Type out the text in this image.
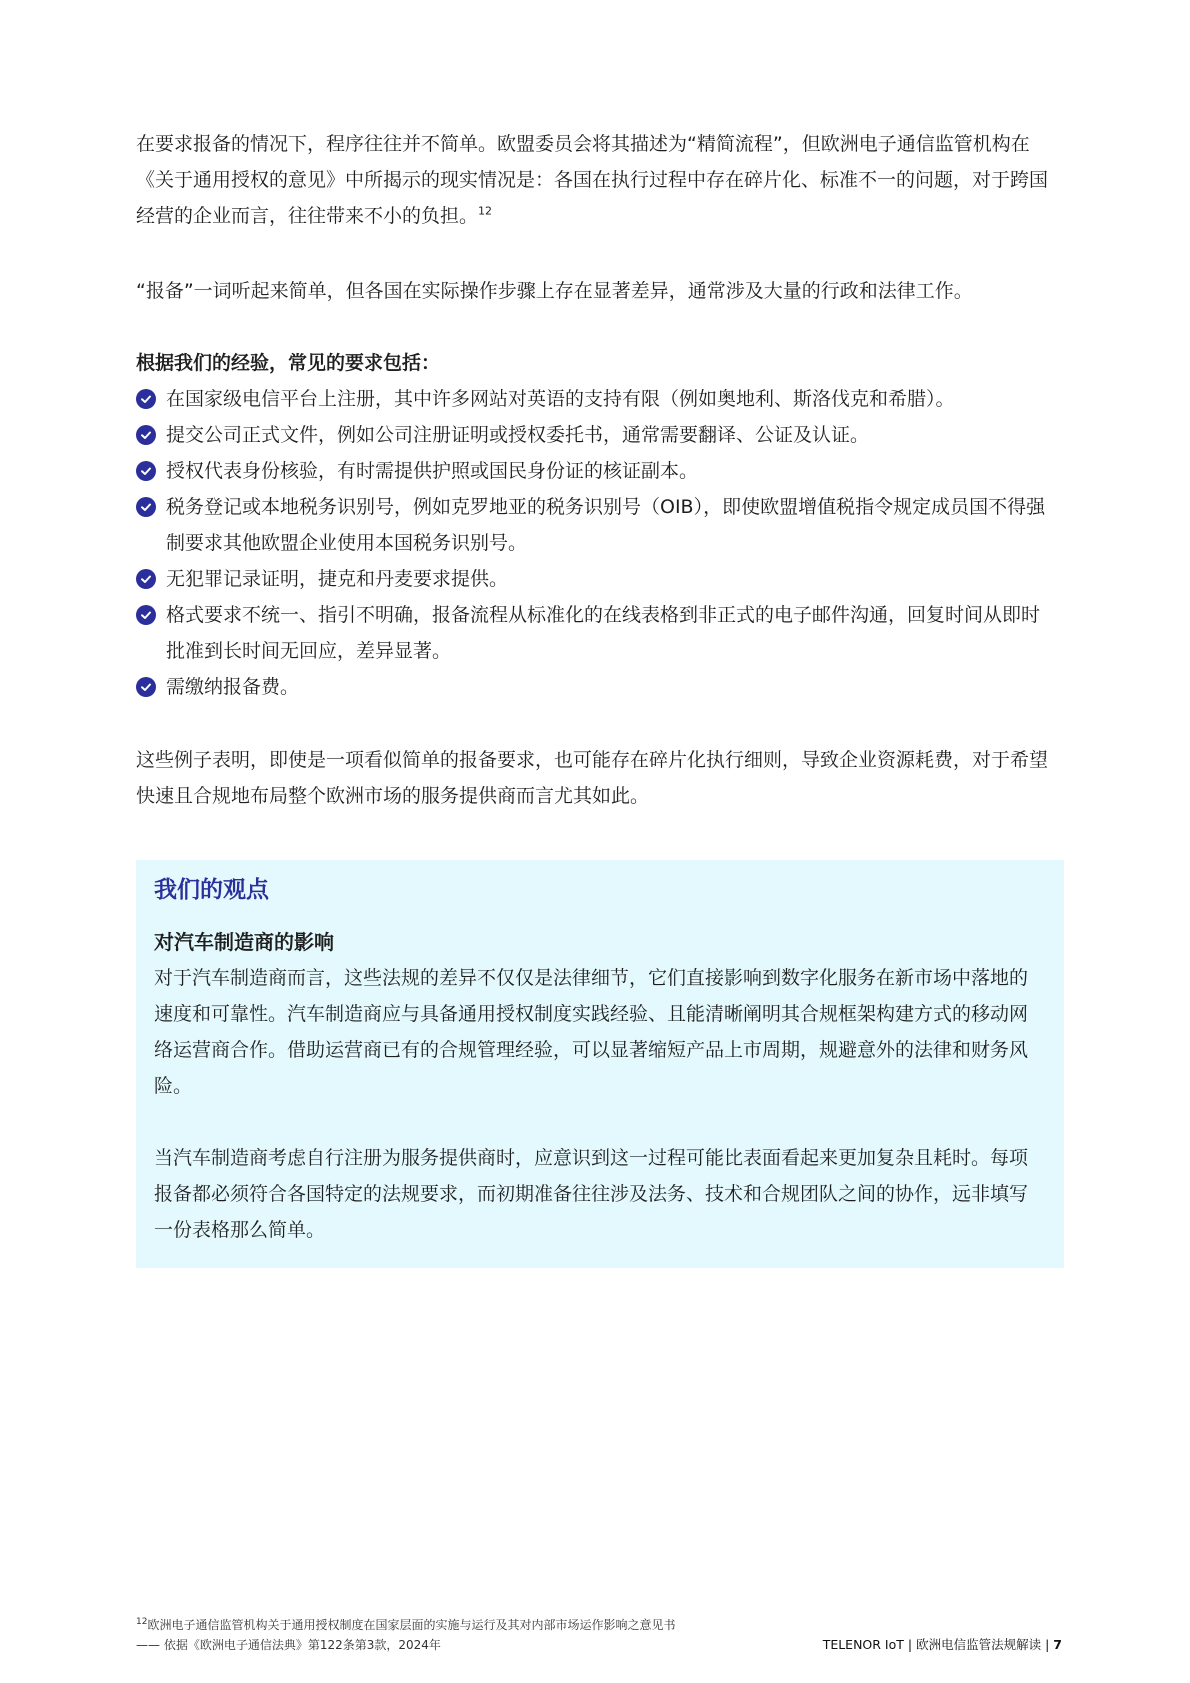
在要求报备的情况下，程序往往并不简单。欧盟委员会将其描述为“精简流程”，但欧洲电子通信监管机构在《关于通用授权的意见》中所揭示的现实情况是：各国在执行过程中存在碎片化、标准不一的问题，对于跨国经营的企业而言，往往带来不小的负担。$^{12}$

“报备”一词听起来简单，但各国在实际操作步骤上存在显著差异，通常涉及大量的行政和法律工作。

根据我们的经验，常见的要求包括：

在国家级电信平台上注册，其中许多网站对英语的支持有限（例如奥地利、斯洛伐克和希腊）。
提交公司正式文件，例如公司注册证明或授权委托书，通常需要翻译、公证及认证。
授权代表身份核验，有时需提供护照或国民身份证的核证副本。
税务登记或本地税务识别号，例如克罗地亚的税务识别号（OIB），即使欧盟增值税指令规定成员国不得强制要求其他欧盟企业使用本国税务识别号。
无犯罪记录证明，捷克和丹麦要求提供。
格式要求不统一、指引不明确，报备流程从标准化的在线表格到非正式的电子邮件沟通，回复时间从即时批准到长时间无回应，差异显著。
需缴纳报备费。

这些例子表明，即使是一项看似简单的报备要求，也可能存在碎片化执行细则，导致企业资源耗费，对于希望快速且合规地布局整个欧洲市场的服务提供商而言尤其如此。

我们的观点

对汽车制造商的影响

对于汽车制造商而言，这些法规的差异不仅仅是法律细节，它们直接影响到数字化服务在新市场中落地的速度和可靠性。汽车制造商应与具备通用授权制度实践经验、且能清晰阐明其合规框架构建方式的移动网络运营商合作。借助运营商已有的合规管理经验，可以显著缩短产品上市周期，规避意外的法律和财务风险。

当汽车制造商考虑自行注册为服务提供商时，应意识到这一过程可能比表面看起来更加复杂且耗时。每项报备都必须符合各国特定的法规要求，而初期准备往往涉及法务、技术和合规团队之间的协作，远非填写一份表格那么简单。

$^{12}$欧洲电子通信监管机构关于通用授权制度在国家层面的实施与运行及其对内部市场运作影响之意见书
—— 依据《欧洲电子通信法典》第122条第3款，2024年	TELENOR IoT | 欧洲电信监管法规解读 | 7
